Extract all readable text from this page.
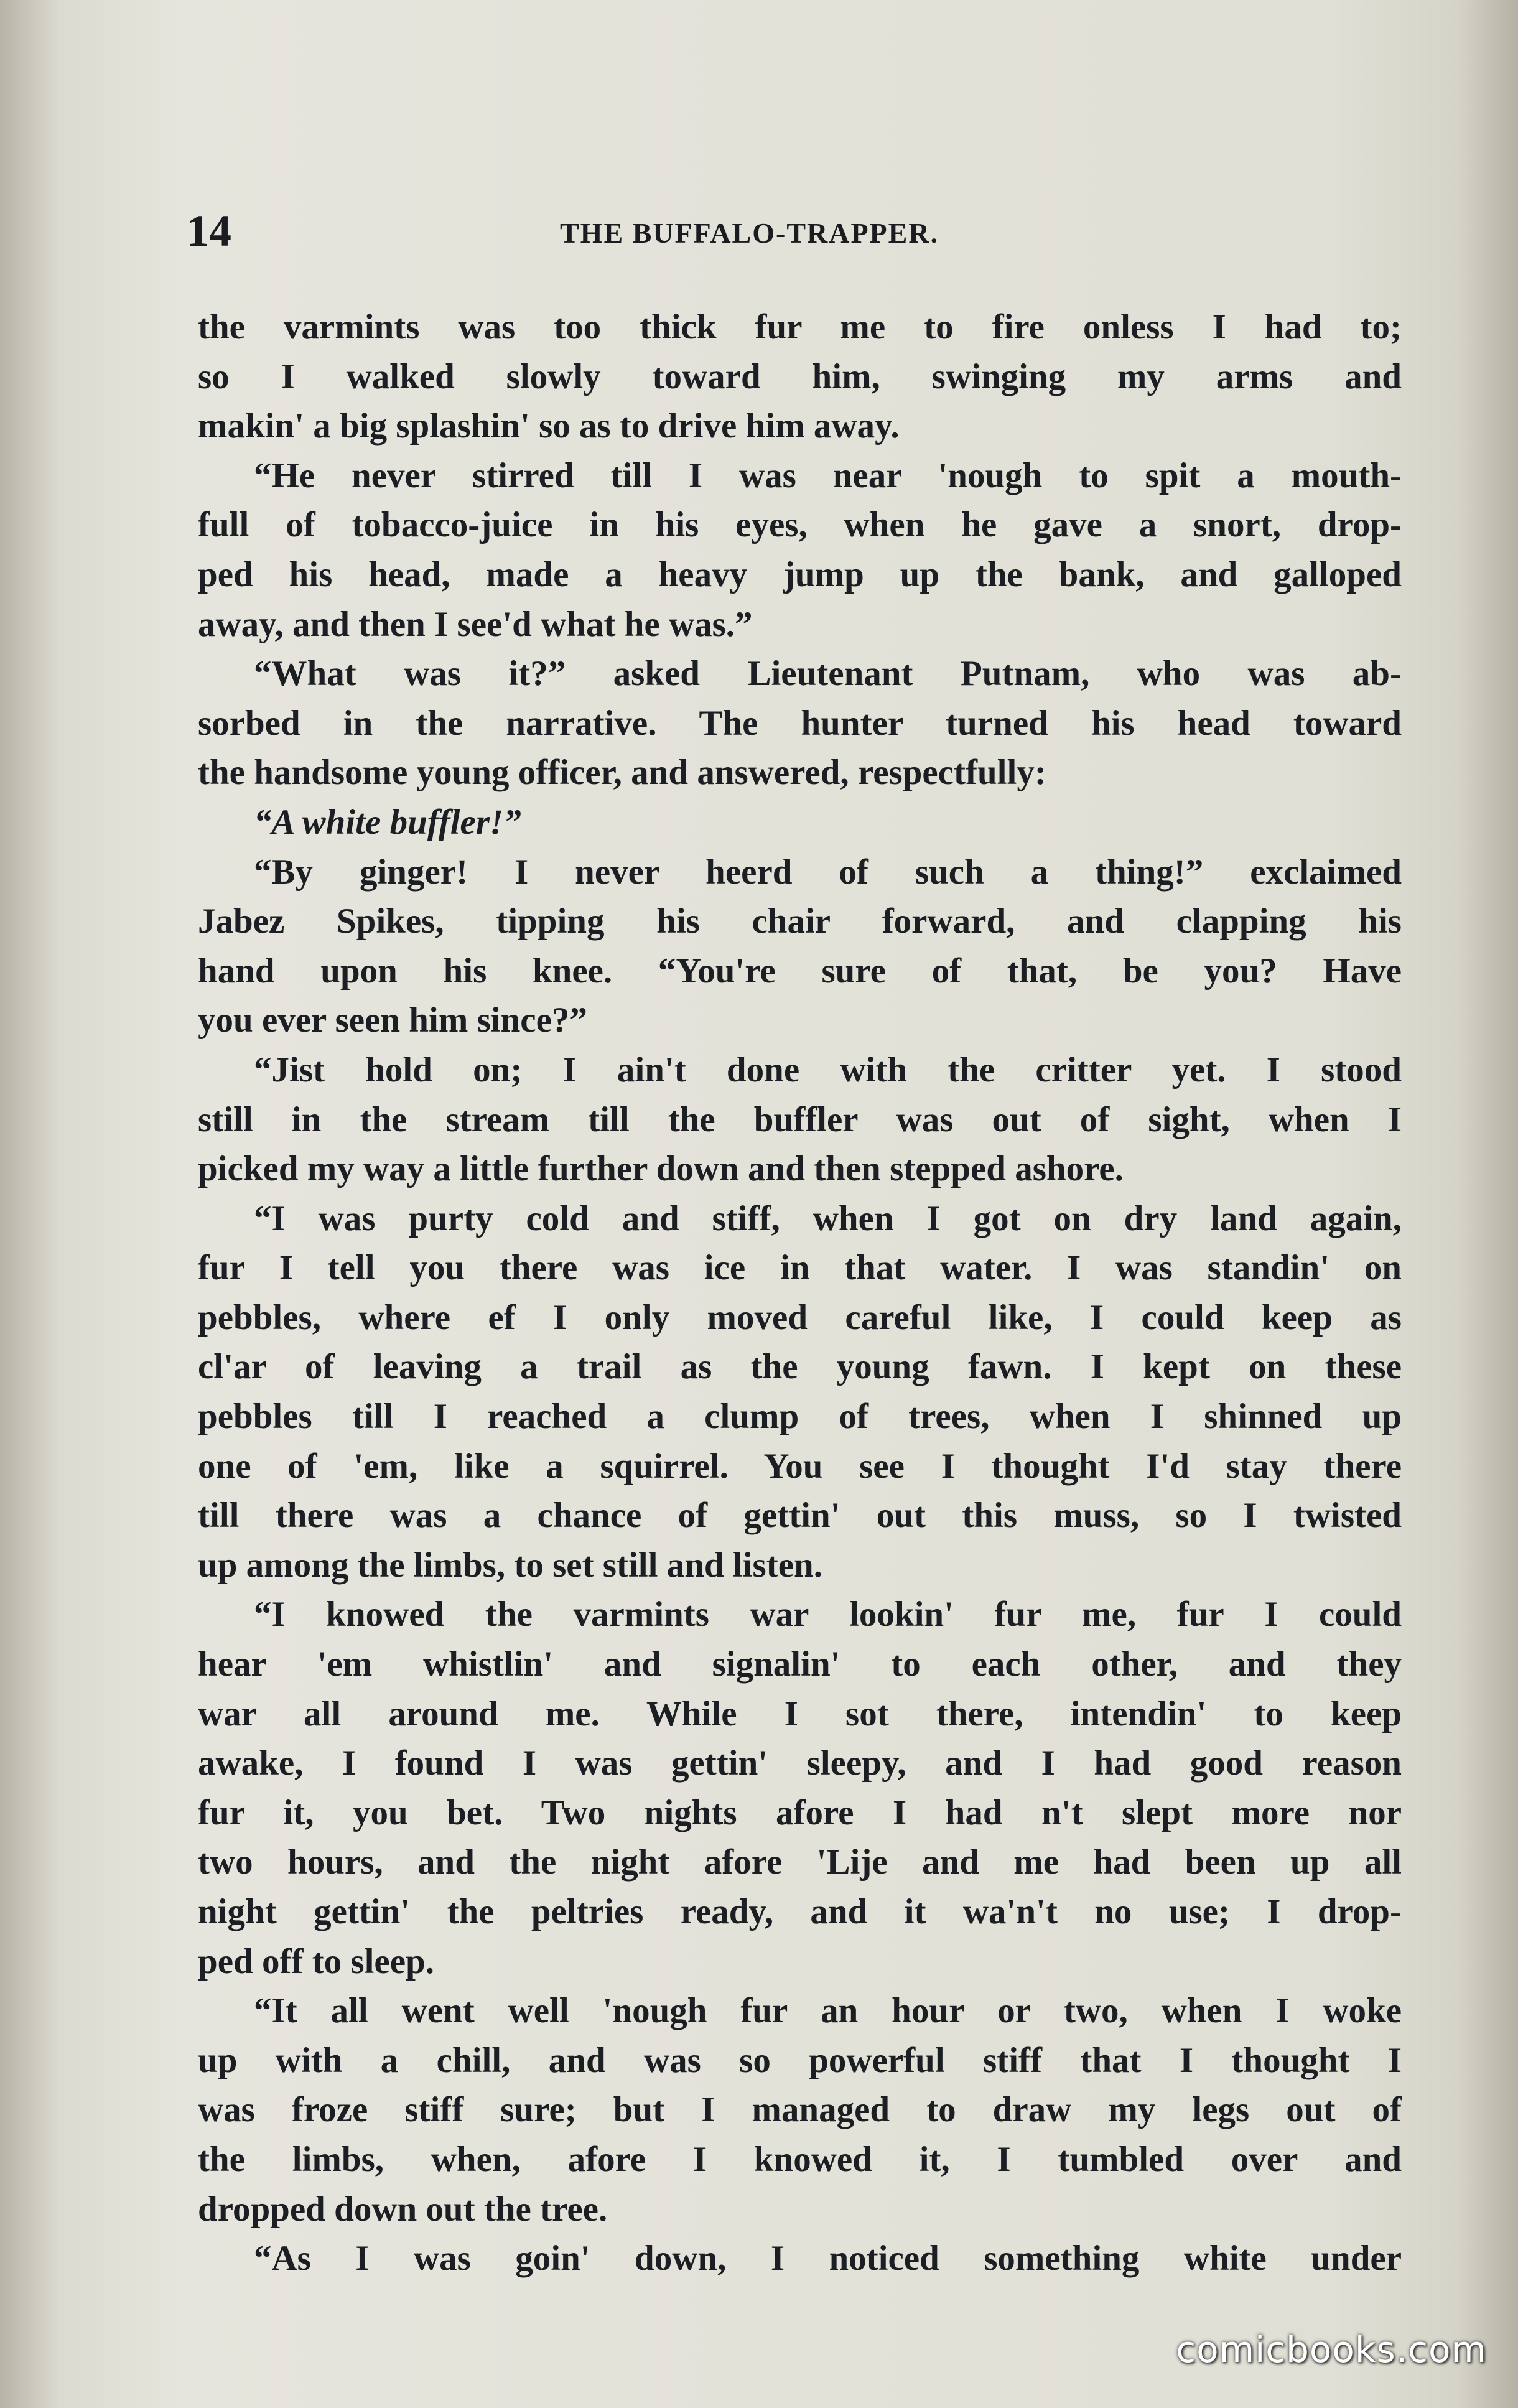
14	THE BUFFALO-TRAPPER.
the varmints was too thick fur me to fire onless I had to;
so I walked slowly toward him, swinging my arms and
makin' a big splashin' so as to drive him away.
“He never stirred till I was near 'nough to spit a mouth-
full of tobacco-juice in his eyes, when he gave a snort, drop-
ped his head, made a heavy jump up the bank, and galloped
away, and then I see'd what he was.”
“What was it?” asked Lieutenant Putnam, who was ab-
sorbed in the narrative. The hunter turned his head toward
the handsome young officer, and answered, respectfully:
“A white buffler!”
“By ginger! I never heerd of such a thing!” exclaimed
Jabez Spikes, tipping his chair forward, and clapping his
hand upon his knee. “You're sure of that, be you? Have
you ever seen him since?”
“Jist hold on; I ain't done with the critter yet. I stood
still in the stream till the buffler was out of sight, when I
picked my way a little further down and then stepped ashore.
“I was purty cold and stiff, when I got on dry land again,
fur I tell you there was ice in that water. I was standin' on
pebbles, where ef I only moved careful like, I could keep as
cl'ar of leaving a trail as the young fawn. I kept on these
pebbles till I reached a clump of trees, when I shinned up
one of 'em, like a squirrel. You see I thought I'd stay there
till there was a chance of gettin' out this muss, so I twisted
up among the limbs, to set still and listen.
“I knowed the varmints war lookin' fur me, fur I could
hear 'em whistlin' and signalin' to each other, and they
war all around me. While I sot there, intendin' to keep
awake, I found I was gettin' sleepy, and I had good reason
fur it, you bet. Two nights afore I had n't slept more nor
two hours, and the night afore 'Lije and me had been up all
night gettin' the peltries ready, and it wa'n't no use; I drop-
ped off to sleep.
“It all went well 'nough fur an hour or two, when I woke
up with a chill, and was so powerful stiff that I thought I
was froze stiff sure; but I managed to draw my legs out of
the limbs, when, afore I knowed it, I tumbled over and
dropped down out the tree.
“As I was goin' down, I noticed something white under
comicbooks.com
